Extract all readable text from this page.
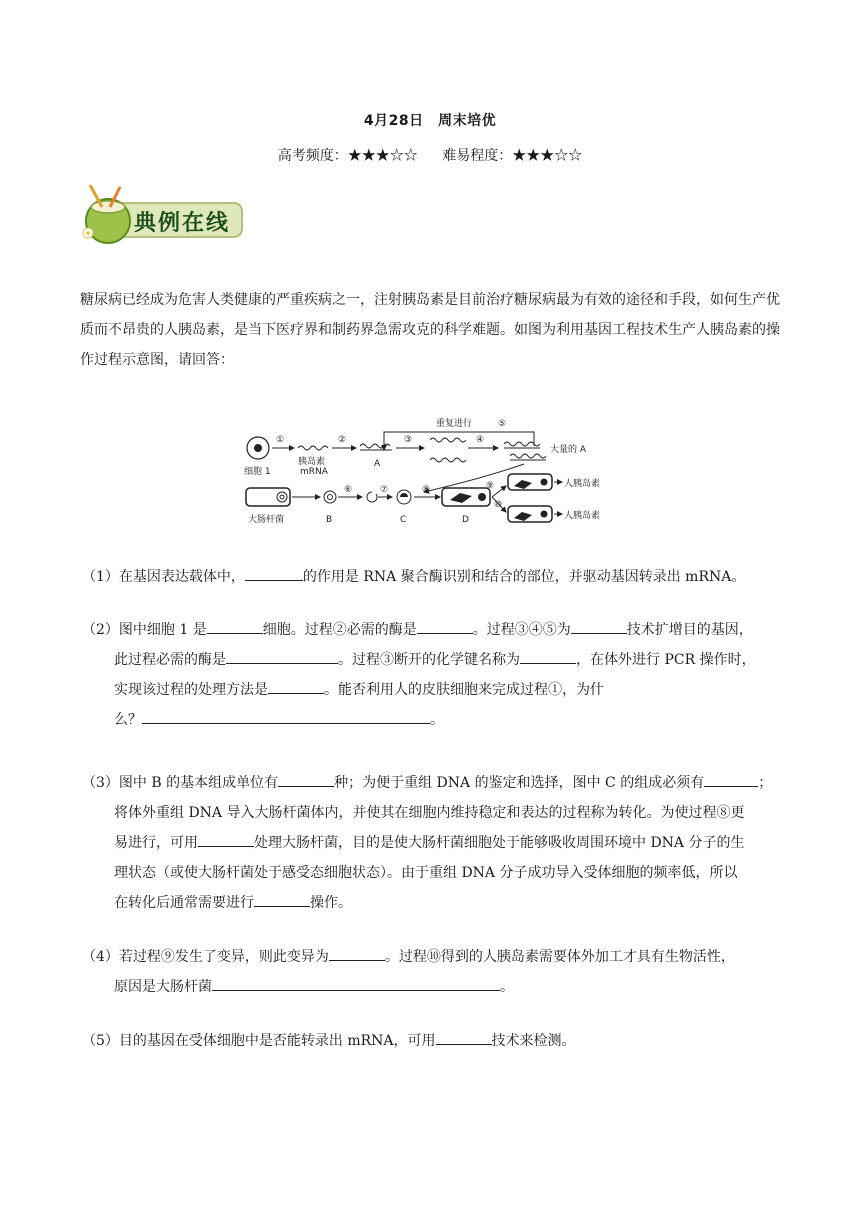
4月28日　周末培优
高考频度：★★★☆☆ 难易程度：★★★☆☆
典例在线
糖尿病已经成为危害人类健康的严重疾病之一，注射胰岛素是目前治疗糖尿病最为有效的途径和手段，如何生产优质而不昂贵的人胰岛素，是当下医疗界和制药界急需攻克的科学难题。如图为利用基因工程技术生产人胰岛素的操作过程示意图，请回答：
重复进行	⑤
细胞 1
①
胰岛素
mRNA
②
A
③	④
大量的 A
大肠杆菌	B
⑥	⑦
C
⑧
D
⑨
⑩
人胰岛素
人胰岛素
（1）在基因表达载体中，	的作用是 RNA 聚合酶识别和结合的部位，并驱动基因转录出 mRNA。
（2）图中细胞 1 是	细胞。过程②必需的酶是	。过程③④⑤为	技术扩增目的基因，
此过程必需的酶是	。过程③断开的化学键名称为	，在体外进行 PCR 操作时，
实现该过程的处理方法是	。能否利用人的皮肤细胞来完成过程①，为什
么？	。
（3）图中 B 的基本组成单位有	种；为便于重组 DNA 的鉴定和选择，图中 C 的组成必须有	；
将体外重组 DNA 导入大肠杆菌体内，并使其在细胞内维持稳定和表达的过程称为转化。为使过程⑧更
易进行，可用	处理大肠杆菌，目的是使大肠杆菌细胞处于能够吸收周围环境中 DNA 分子的生
理状态（或使大肠杆菌处于感受态细胞状态）。由于重组 DNA 分子成功导入受体细胞的频率低，所以
在转化后通常需要进行	操作。
（4）若过程⑨发生了变异，则此变异为	。过程⑩得到的人胰岛素需要体外加工才具有生物活性，
原因是大肠杆菌	。
（5）目的基因在受体细胞中是否能转录出 mRNA，可用	技术来检测。
